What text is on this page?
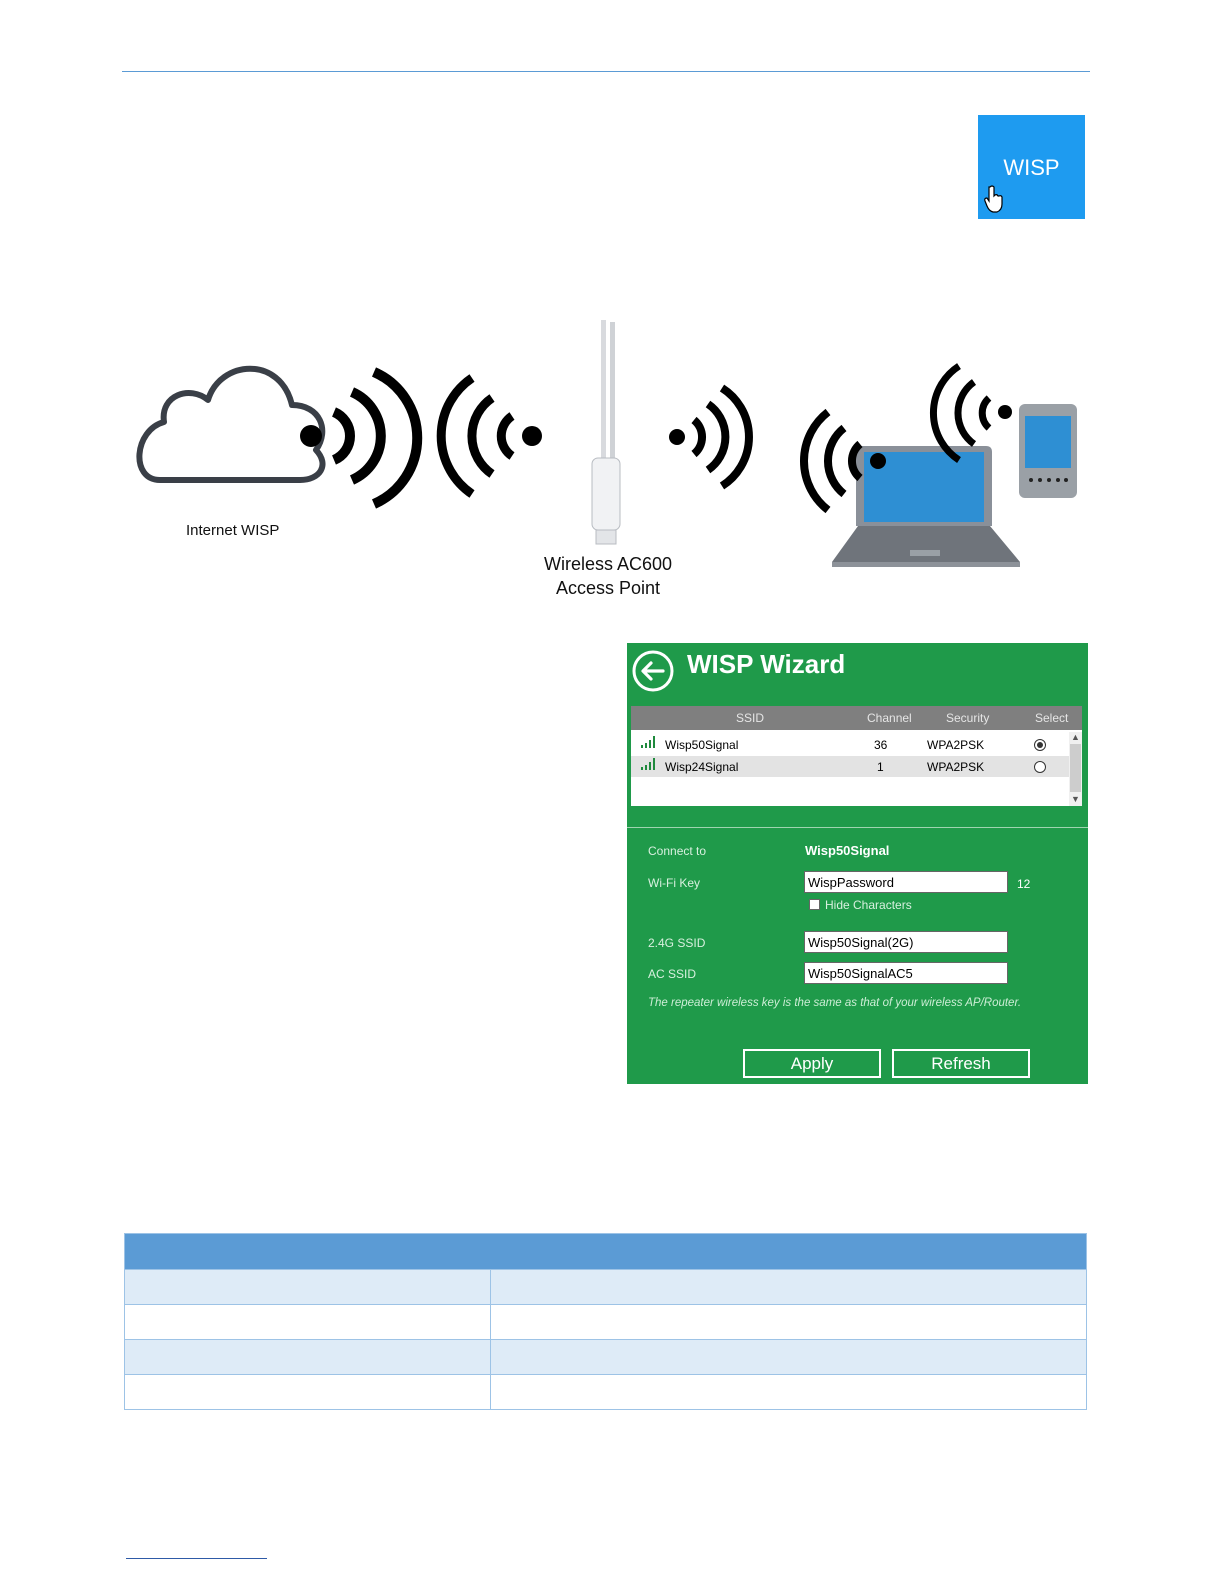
WISP
Internet WISP
Wireless AC600
Access Point
WISP Wizard
SSID	Channel	Security	Select
Wisp50Signal	36	WPA2PSK
Wisp24Signal	1	WPA2PSK
▲
▼
Connect to	Wisp50Signal
Wi-Fi Key
WispPassword	12
Hide Characters
2.4G SSID
Wisp50Signal(2G)
AC SSID
Wisp50SignalAC5
The repeater wireless key is the same as that of your wireless AP/Router.
Apply	Refresh
